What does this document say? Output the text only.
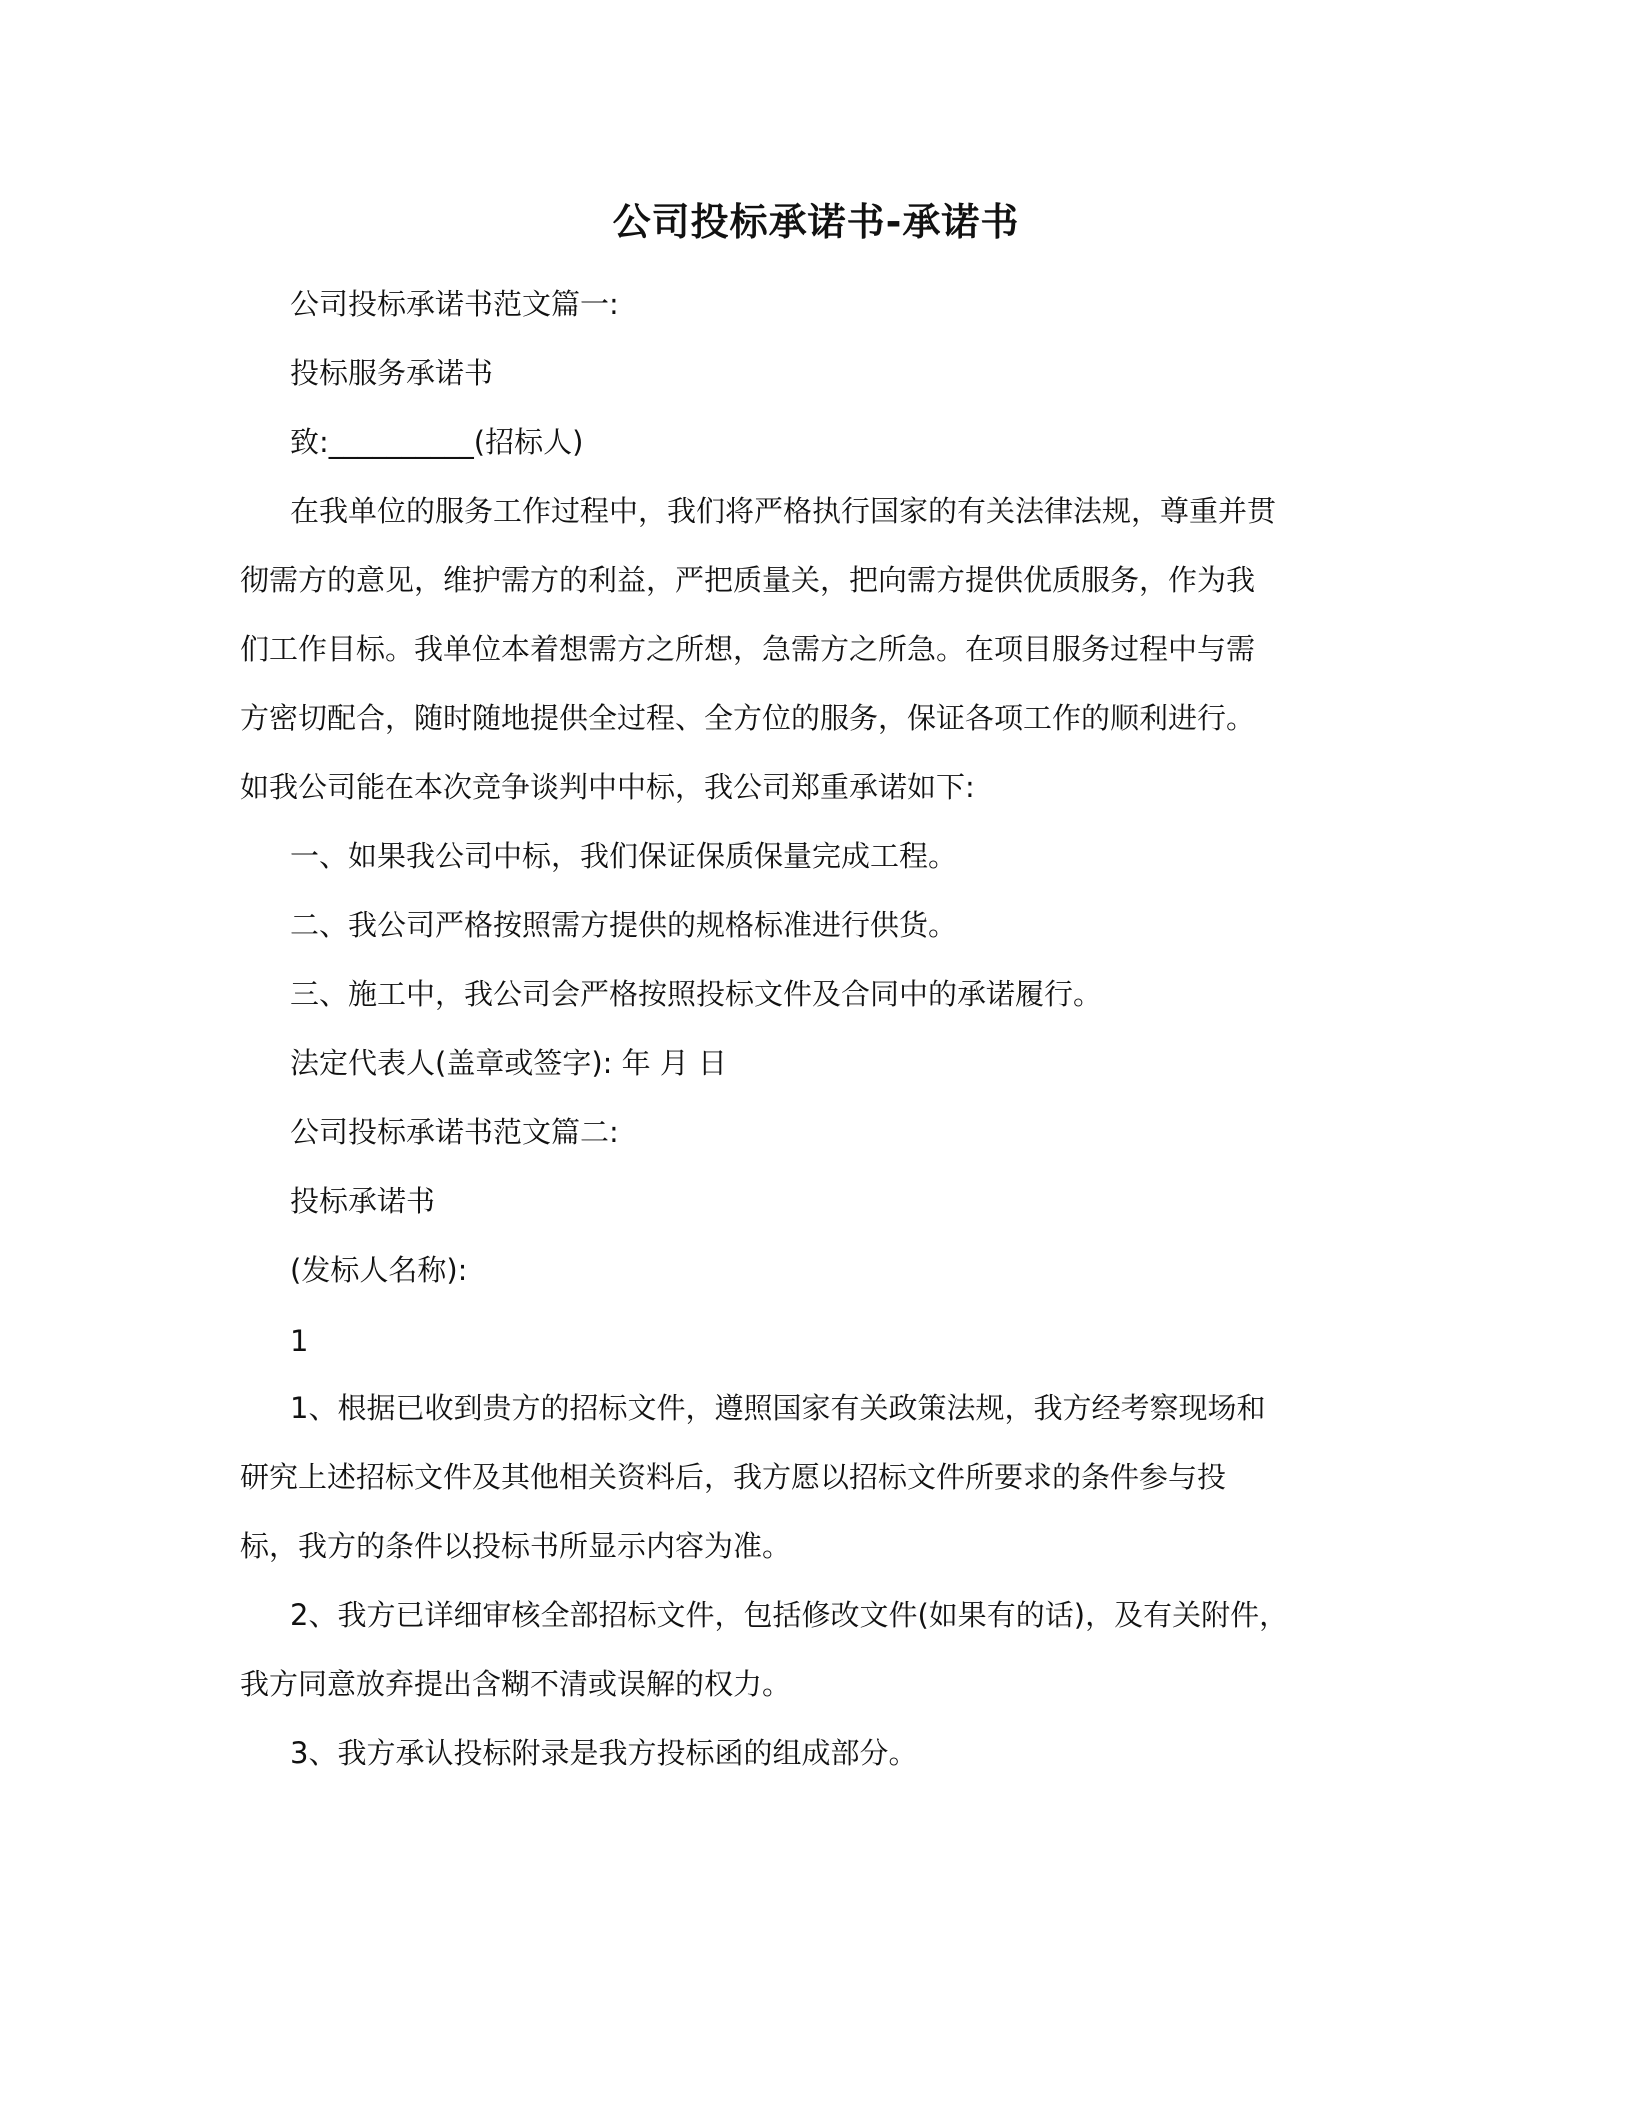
公司投标承诺书-承诺书
公司投标承诺书范文篇一:
投标服务承诺书
致:__________(招标人)
在我单位的服务工作过程中，我们将严格执行国家的有关法律法规，尊重并贯
彻需方的意见，维护需方的利益，严把质量关，把向需方提供优质服务，作为我
们工作目标。我单位本着想需方之所想，急需方之所急。在项目服务过程中与需
方密切配合，随时随地提供全过程、全方位的服务，保证各项工作的顺利进行。
如我公司能在本次竞争谈判中中标，我公司郑重承诺如下:
一、如果我公司中标，我们保证保质保量完成工程。
二、我公司严格按照需方提供的规格标准进行供货。
三、施工中，我公司会严格按照投标文件及合同中的承诺履行。
法定代表人(盖章或签字): 年 月 日
公司投标承诺书范文篇二:
投标承诺书
(发标人名称):
1
1、根据已收到贵方的招标文件，遵照国家有关政策法规，我方经考察现场和
研究上述招标文件及其他相关资料后，我方愿以招标文件所要求的条件参与投
标，我方的条件以投标书所显示内容为准。
2、我方已详细审核全部招标文件，包括修改文件(如果有的话)，及有关附件，
我方同意放弃提出含糊不清或误解的权力。
3、我方承认投标附录是我方投标函的组成部分。
